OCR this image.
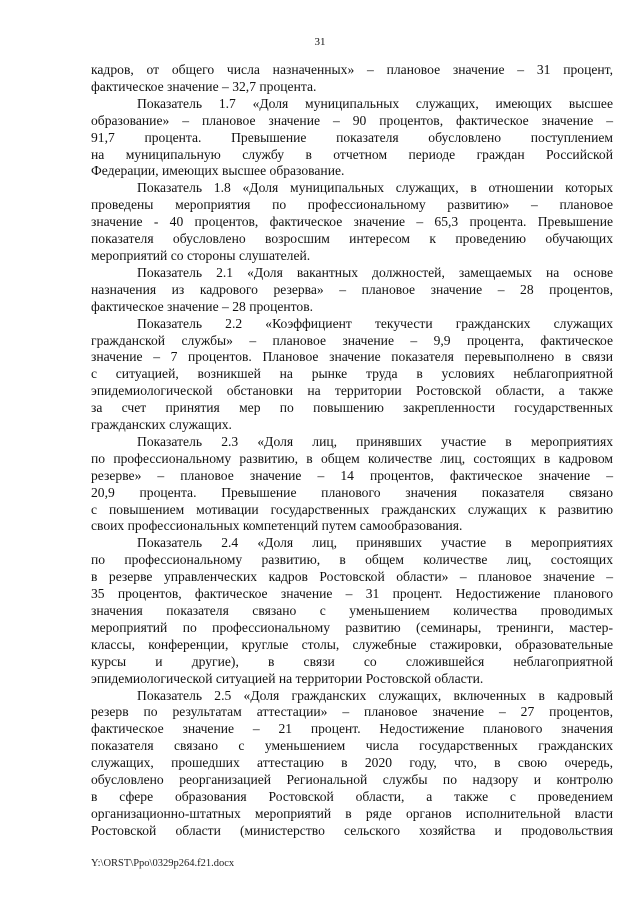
31

кадров, от общего числа назначенных» – плановое значение – 31 процент,

фактическое значение – 32,7 процента.

Показатель 1.7 «Доля муниципальных служащих, имеющих высшее

образование» – плановое значение – 90 процентов, фактическое значение –

91,7 процента. Превышение показателя обусловлено поступлением

на муниципальную службу в отчетном периоде граждан Российской

Федерации, имеющих высшее образование.

Показатель 1.8 «Доля муниципальных служащих, в отношении которых

проведены мероприятия по профессиональному развитию» – плановое

значение - 40 процентов, фактическое значение – 65,3 процента. Превышение

показателя обусловлено возросшим интересом к проведению обучающих

мероприятий со стороны слушателей.

Показатель 2.1 «Доля вакантных должностей, замещаемых на основе

назначения из кадрового резерва» – плановое значение – 28 процентов,

фактическое значение – 28 процентов.

Показатель 2.2 «Коэффициент текучести гражданских служащих

гражданской службы» – плановое значение – 9,9 процента, фактическое

значение – 7 процентов. Плановое значение показателя перевыполнено в связи

с ситуацией, возникшей на рынке труда в условиях неблагоприятной

эпидемиологической обстановки на территории Ростовской области, а также

за счет принятия мер по повышению закрепленности государственных

гражданских служащих.

Показатель 2.3 «Доля лиц, принявших участие в мероприятиях

по профессиональному развитию, в общем количестве лиц, состоящих в кадровом

резерве» – плановое значение – 14 процентов, фактическое значение –

20,9 процента. Превышение планового значения показателя связано

с повышением мотивации государственных гражданских служащих к развитию

своих профессиональных компетенций путем самообразования.

Показатель 2.4 «Доля лиц, принявших участие в мероприятиях

по профессиональному развитию, в общем количестве лиц, состоящих

в резерве управленческих кадров Ростовской области» – плановое значение –

35 процентов, фактическое значение – 31 процент. Недостижение планового

значения показателя связано с уменьшением количества проводимых

мероприятий по профессиональному развитию (семинары, тренинги, мастер-

классы, конференции, круглые столы, служебные стажировки, образовательные

курсы и другие), в связи со сложившейся неблагоприятной

эпидемиологической ситуацией на территории Ростовской области.

Показатель 2.5 «Доля гражданских служащих, включенных в кадровый

резерв по результатам аттестации» – плановое значение – 27 процентов,

фактическое значение – 21 процент. Недостижение планового значения

показателя связано с уменьшением числа государственных гражданских

служащих, прошедших аттестацию в 2020 году, что, в свою очередь,

обусловлено реорганизацией Региональной службы по надзору и контролю

в сфере образования Ростовской области, а также с проведением

организационно-штатных мероприятий в ряде органов исполнительной власти

Ростовской области (министерство сельского хозяйства и продовольствия

Y:\ORST\Ppo\0329p264.f21.docx
